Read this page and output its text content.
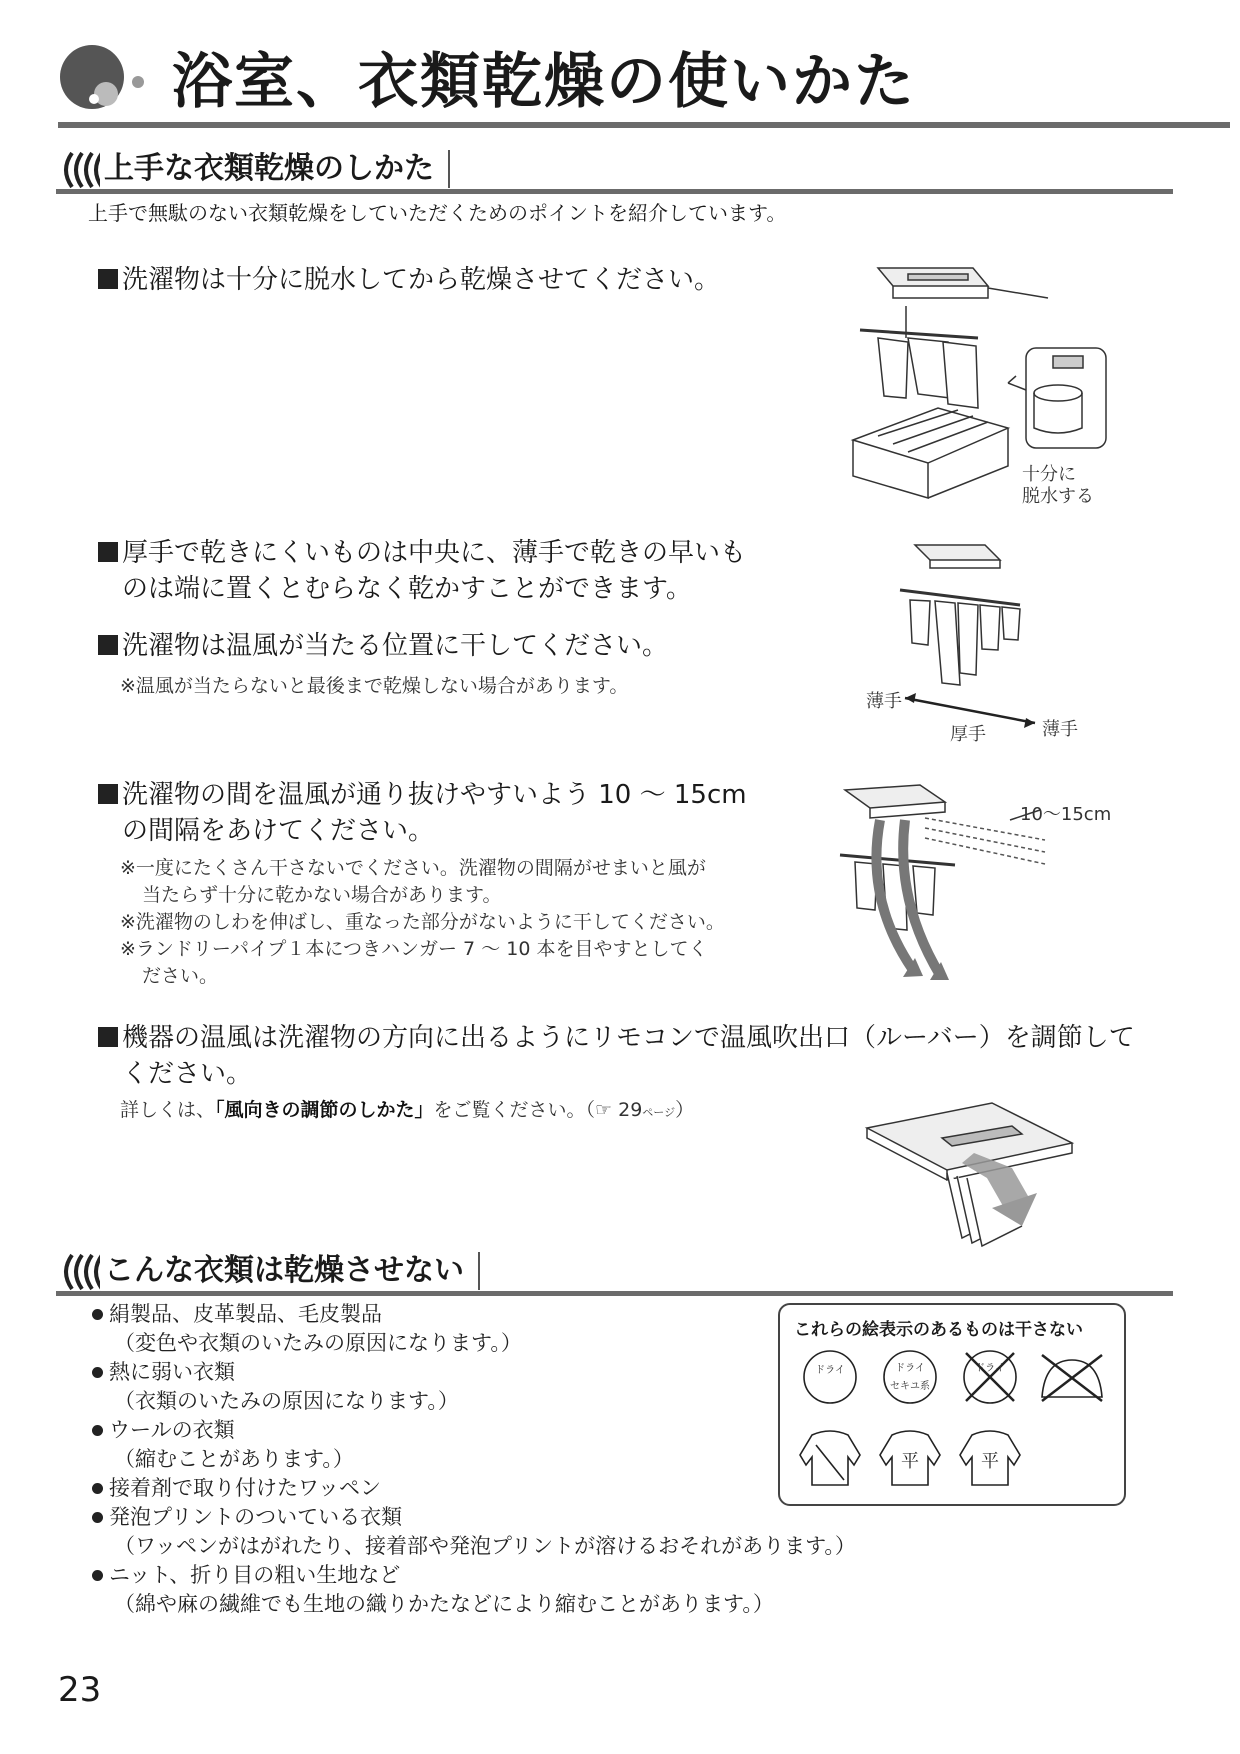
浴室、衣類乾燥の使いかた
上手な衣類乾燥のしかた
上手で無駄のない衣類乾燥をしていただくためのポイントを紹介しています。
洗濯物は十分に脱水してから乾燥させてください。
十分に
脱水する
厚手で乾きにくいものは中央に、薄手で乾きの早いも
のは端に置くとむらなく乾かすことができます。
洗濯物は温風が当たる位置に干してください。
※温風が当たらないと最後まで乾燥しない場合があります。
薄手
厚手	薄手
洗濯物の間を温風が通り抜けやすいよう 10 ～ 15cm
の間隔をあけてください。
※一度にたくさん干さないでください。洗濯物の間隔がせまいと風が
当たらず十分に乾かない場合があります。
※洗濯物のしわを伸ばし、重なった部分がないように干してください。
※ランドリーパイプ１本につきハンガー 7 ～ 10 本を目やすとしてく
ださい。
10〜15cm
機器の温風は洗濯物の方向に出るようにリモコンで温風吹出口（ルーバー）を調節して
ください。
詳しくは、「風向きの調節のしかた」をご覧ください。（☞ 29ページ）
こんな衣類は乾燥させない
絹製品、皮革製品、毛皮製品
（変色や衣類のいたみの原因になります。）
熱に弱い衣類
（衣類のいたみの原因になります。）
ウールの衣類
（縮むことがあります。）
接着剤で取り付けたワッペン
発泡プリントのついている衣類
（ワッペンがはがれたり、接着部や発泡プリントが溶けるおそれがあります。）
ニット、折り目の粗い生地など
（綿や麻の繊維でも生地の織りかたなどにより縮むことがあります。）
これらの絵表示のあるものは干さない
ドライ	ドライ
セキユ系
ドライ
平	平
23
